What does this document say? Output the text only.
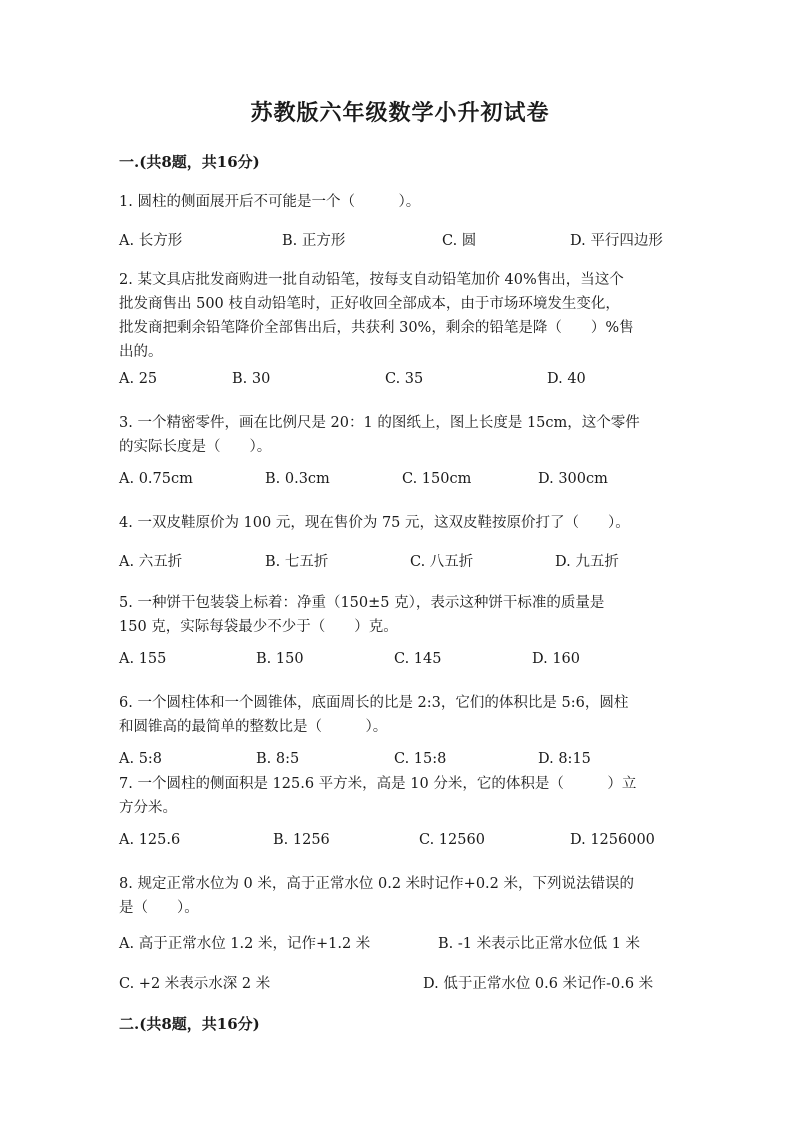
苏教版六年级数学小升初试卷
一.(共8题，共16分)
1. 圆柱的侧面展开后不可能是一个（　　　）。
A. 长方形	B. 正方形	C. 圆	D. 平行四边形
2. 某文具店批发商购进一批自动铅笔，按每支自动铅笔加价 40%售出，当这个
批发商售出 500 枝自动铅笔时，正好收回全部成本，由于市场环境发生变化，
批发商把剩余铅笔降价全部售出后，共获利 30%，剩余的铅笔是降（　　）%售
出的。
A. 25	B. 30	C. 35	D. 40
3. 一个精密零件，画在比例尺是 20：1 的图纸上，图上长度是 15cm，这个零件
的实际长度是（　　）。
A. 0.75cm	B. 0.3cm	C. 150cm	D. 300cm
4. 一双皮鞋原价为 100 元，现在售价为 75 元，这双皮鞋按原价打了（　　）。
A. 六五折	B. 七五折	C. 八五折	D. 九五折
5. 一种饼干包装袋上标着：净重（150±5 克），表示这种饼干标准的质量是
150 克，实际每袋最少不少于（　　）克。
A. 155	B. 150	C. 145	D. 160
6. 一个圆柱体和一个圆锥体，底面周长的比是 2:3，它们的体积比是 5:6，圆柱
和圆锥高的最简单的整数比是（　　　）。
A. 5:8	B. 8:5	C. 15:8	D. 8:15
7. 一个圆柱的侧面积是 125.6 平方米，高是 10 分米，它的体积是（　　　）立
方分米。
A. 125.6	B. 1256	C. 12560	D. 1256000
8. 规定正常水位为 0 米，高于正常水位 0.2 米时记作+0.2 米，下列说法错误的
是（　　）。
A. 高于正常水位 1.2 米，记作+1.2 米	B. -1 米表示比正常水位低 1 米
C. +2 米表示水深 2 米	D. 低于正常水位 0.6 米记作-0.6 米
二.(共8题，共16分)
